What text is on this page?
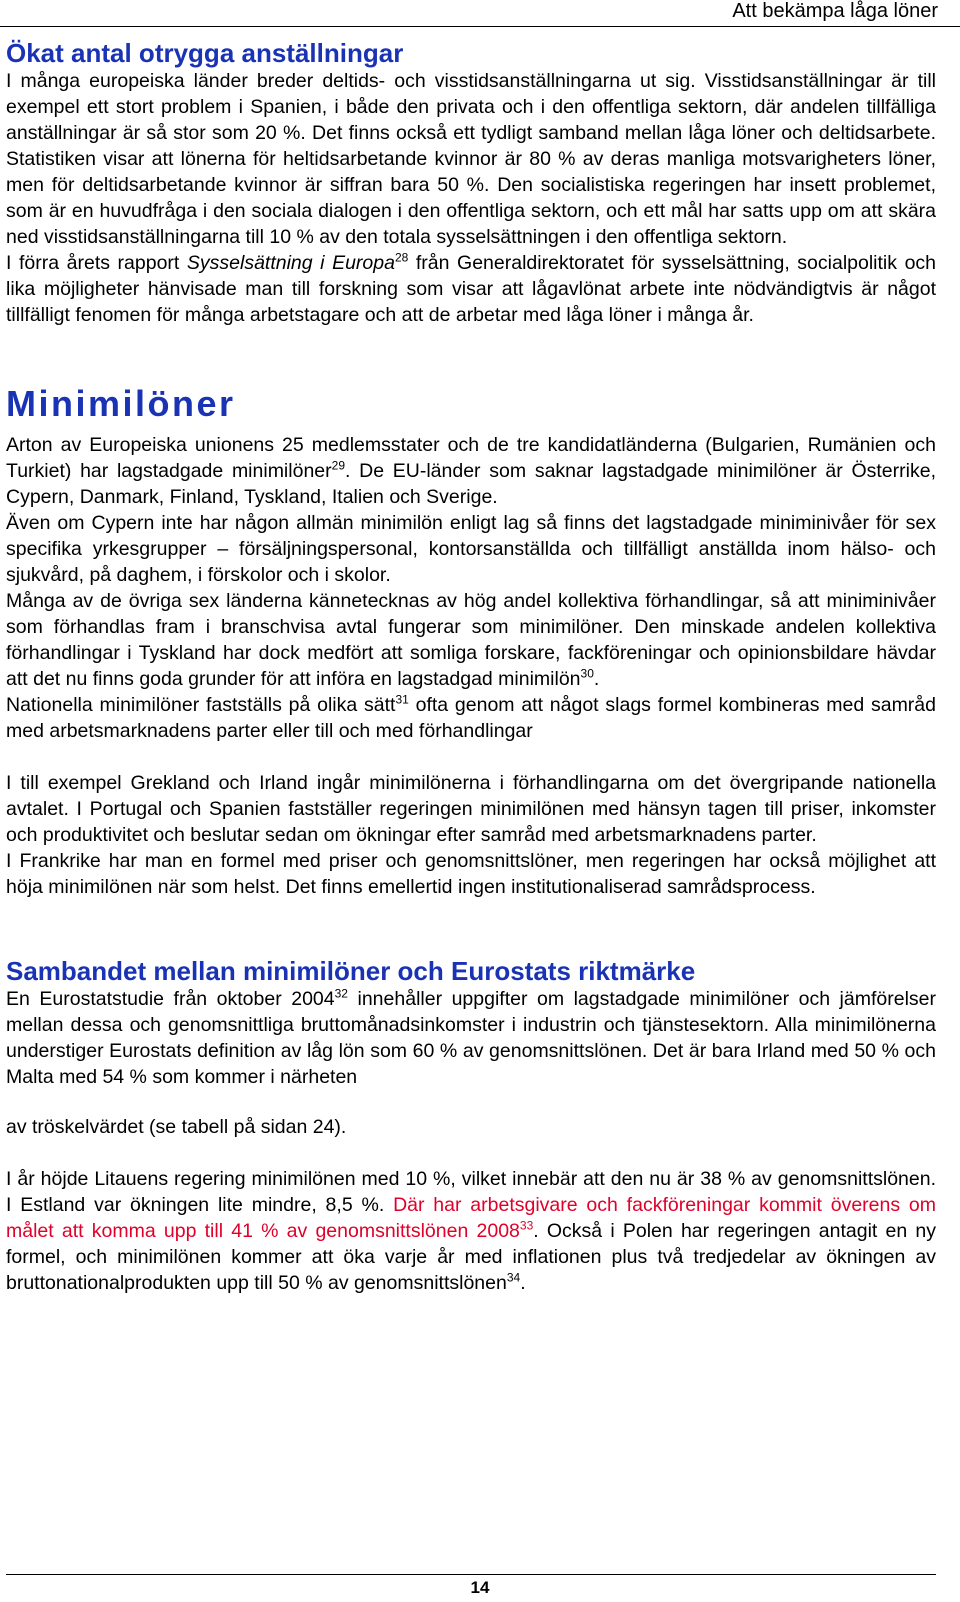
Att bekämpa låga löner
Ökat antal otrygga anställningar

I många europeiska länder breder deltids- och visstidsanställningarna ut sig. Visstidsanställningar är till exempel ett stort problem i Spanien, i både den privata och i den offentliga sektorn, där andelen tillfälliga anställningar är så stor som 20 %. Det finns också ett tydligt samband mellan låga löner och deltidsarbete. Statistiken visar att lönerna för heltidsarbetande kvinnor är 80 % av deras manliga motsvarigheters löner, men för deltidsarbetande kvinnor är siffran bara 50 %. Den socialistiska regeringen har insett problemet, som är en huvudfråga i den sociala dialogen i den offentliga sektorn, och ett mål har satts upp om att skära ned visstidsanställningarna till 10 % av den totala sysselsättningen i den offentliga sektorn.

I förra årets rapport Sysselsättning i Europa$^{28}$ från Generaldirektoratet för sysselsättning, socialpolitik och lika möjligheter hänvisade man till forskning som visar att lågavlönat arbete inte nödvändigtvis är något tillfälligt fenomen för många arbetstagare och att de arbetar med låga löner i många år.

Minimilöner

Arton av Europeiska unionens 25 medlemsstater och de tre kandidatländerna (Bulgarien, Rumänien och Turkiet) har lagstadgade minimilöner$^{29}$. De EU-länder som saknar lagstadgade minimilöner är Österrike, Cypern, Danmark, Finland, Tyskland, Italien och Sverige.

Även om Cypern inte har någon allmän minimilön enligt lag så finns det lagstadgade miniminivåer för sex specifika yrkesgrupper – försäljningspersonal, kontorsanställda och tillfälligt anställda inom hälso- och sjukvård, på daghem, i förskolor och i skolor.

Många av de övriga sex länderna kännetecknas av hög andel kollektiva förhandlingar, så att miniminivåer som förhandlas fram i branschvisa avtal fungerar som minimilöner. Den minskade andelen kollektiva förhandlingar i Tyskland har dock medfört att somliga forskare, fackföreningar och opinionsbildare hävdar att det nu finns goda grunder för att införa en lagstadgad minimilön$^{30}$.

Nationella minimilöner fastställs på olika sätt$^{31}$ ofta genom att något slags formel kombineras med samråd med arbetsmarknadens parter eller till och med förhandlingar

I till exempel Grekland och Irland ingår minimilönerna i förhandlingarna om det övergripande nationella avtalet. I Portugal och Spanien fastställer regeringen minimilönen med hänsyn tagen till priser, inkomster och produktivitet och beslutar sedan om ökningar efter samråd med arbetsmarknadens parter.

I Frankrike har man en formel med priser och genomsnittslöner, men regeringen har också möjlighet att höja minimilönen när som helst. Det finns emellertid ingen institutionaliserad samrådsprocess.

Sambandet mellan minimilöner och Eurostats riktmärke

En Eurostatstudie från oktober 2004$^{32}$ innehåller uppgifter om lagstadgade minimilöner och jämförelser mellan dessa och genomsnittliga bruttomånadsinkomster i industrin och tjänstesektorn. Alla minimilönerna understiger Eurostats definition av låg lön som 60 % av genomsnittslönen. Det är bara Irland med 50 % och Malta med 54 % som kommer i närheten

av tröskelvärdet (se tabell på sidan 24).

I år höjde Litauens regering minimilönen med 10 %, vilket innebär att den nu är 38 % av genomsnittslönen. I Estland var ökningen lite mindre, 8,5 %. Där har arbetsgivare och fackföreningar kommit överens om målet att komma upp till 41 % av genomsnittslönen 2008$^{33}$. Också i Polen har regeringen antagit en ny formel, och minimilönen kommer att öka varje år med inflationen plus två tredjedelar av ökningen av bruttonationalprodukten upp till 50 % av genomsnittslönen$^{34}$.

14
